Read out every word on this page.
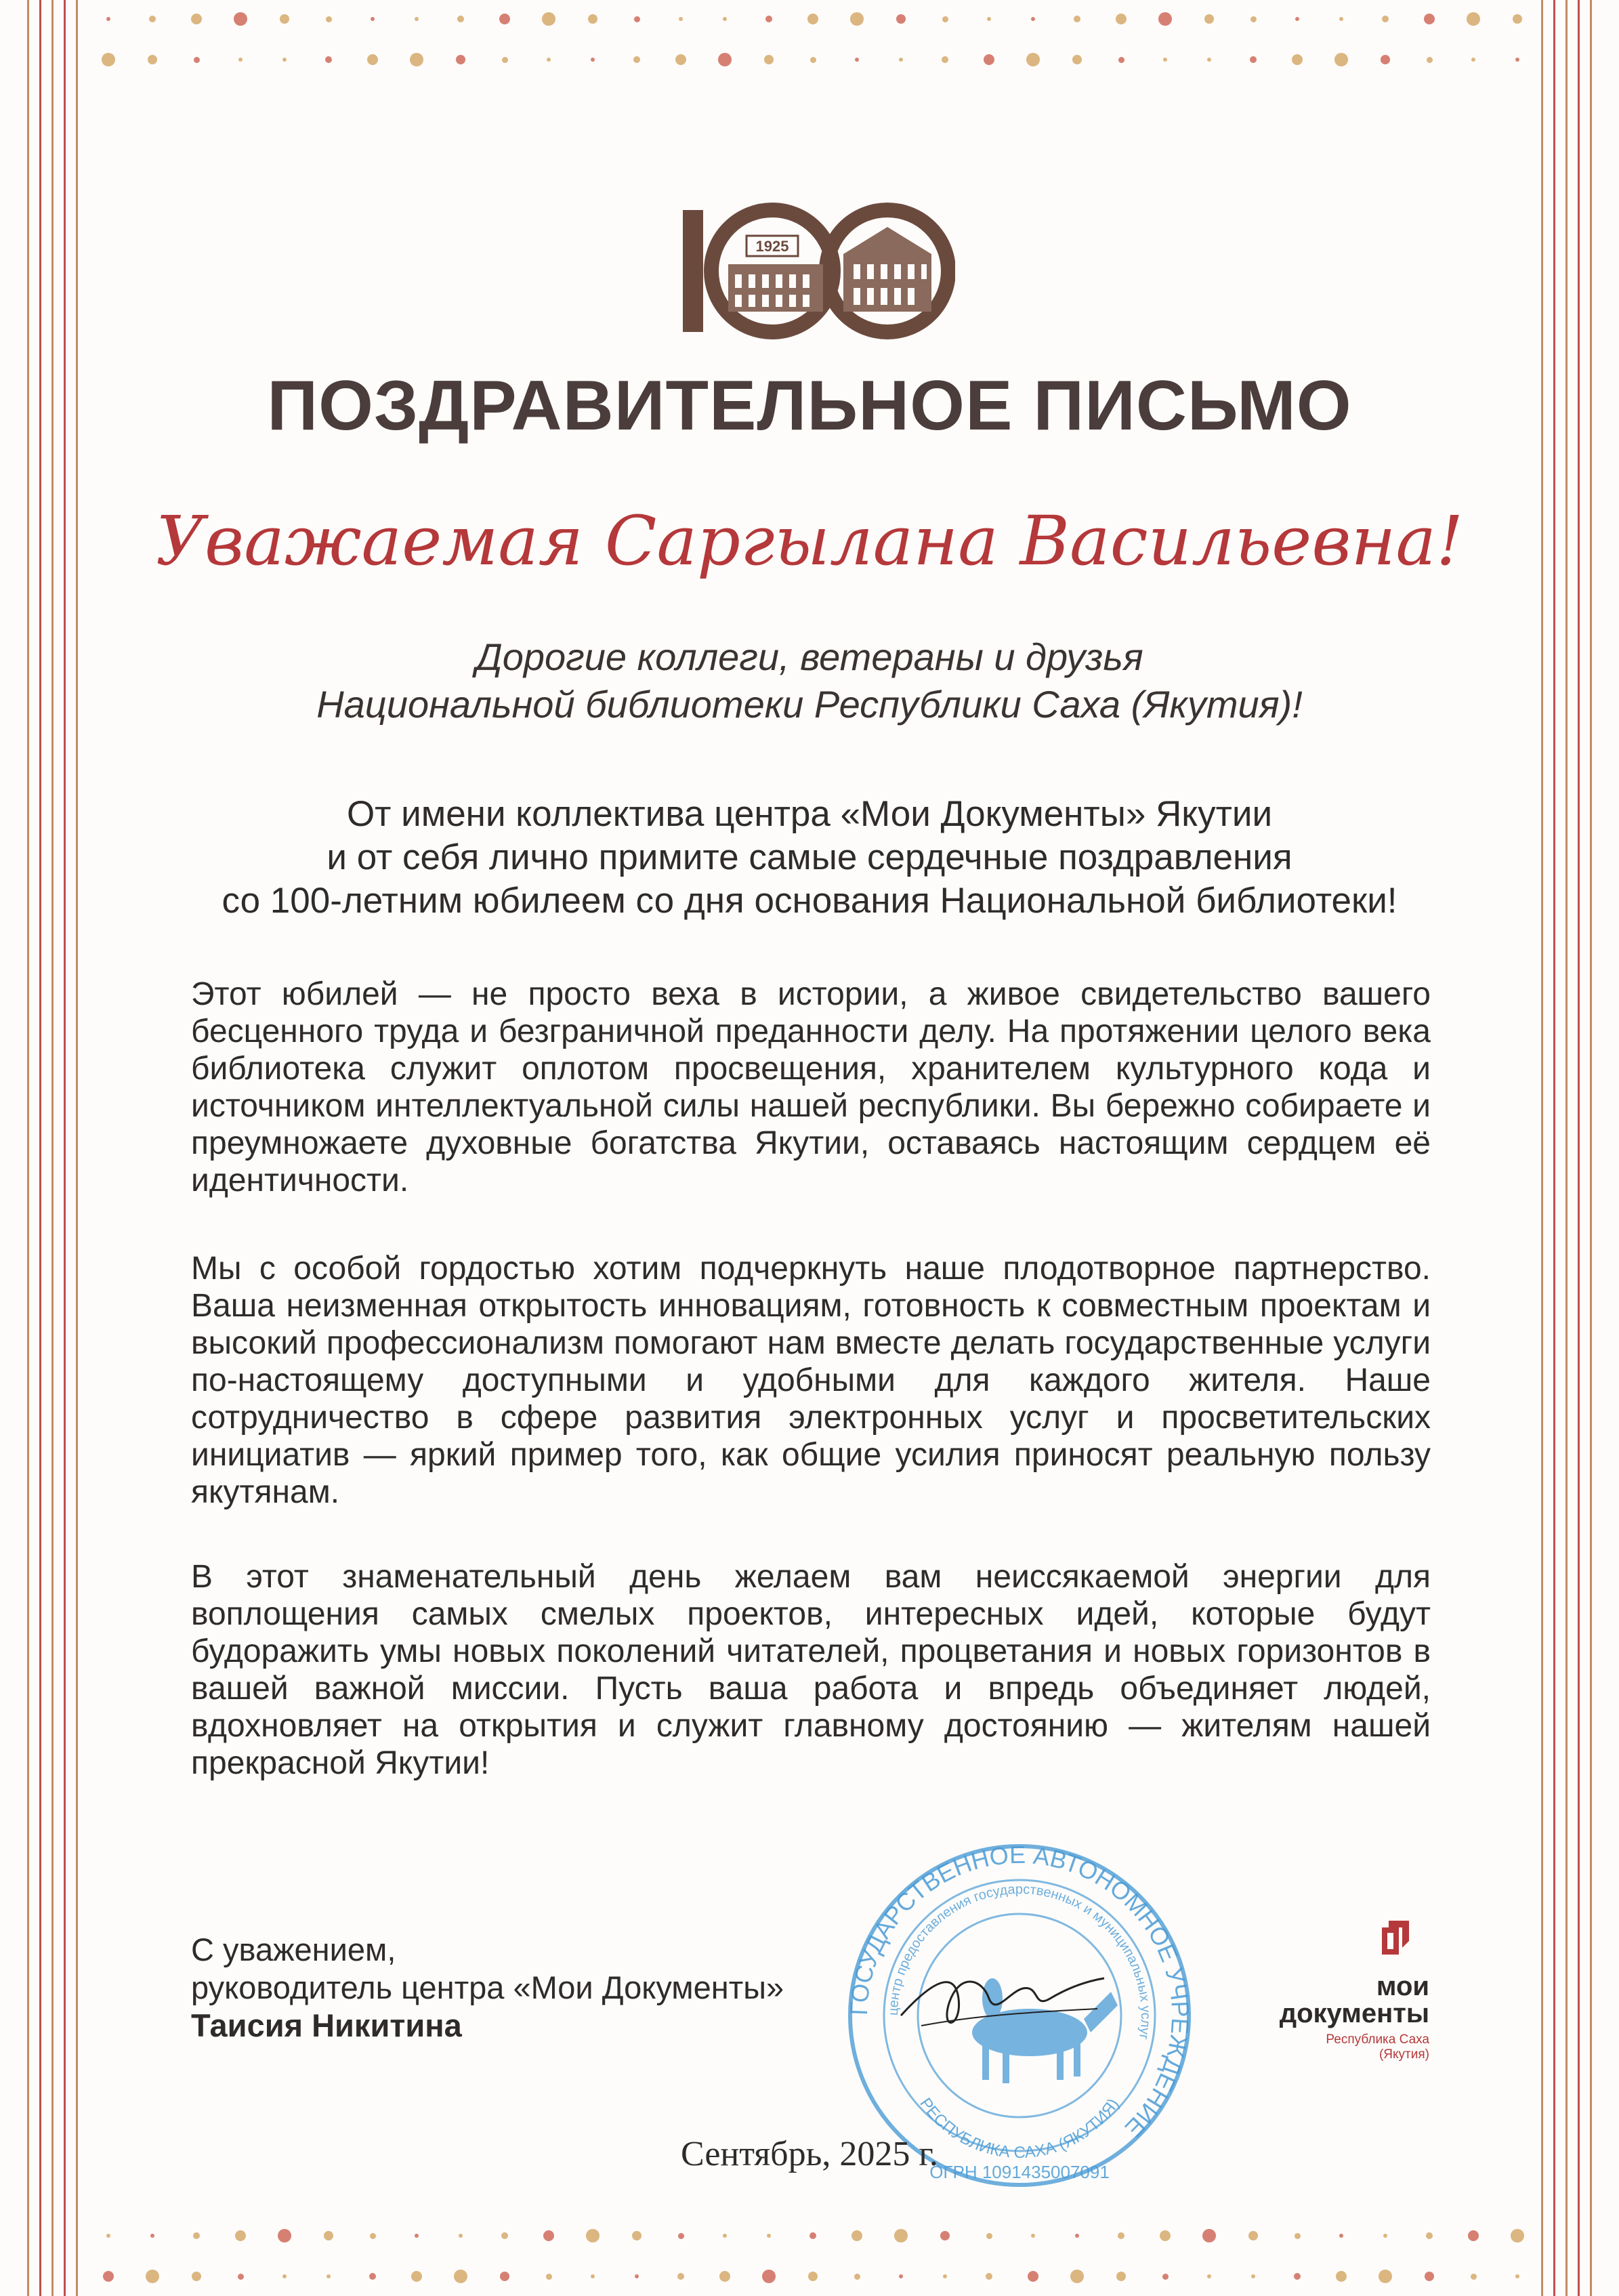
1925
ПОЗДРАВИТЕЛЬНОЕ ПИСЬМО
Уважаемая Саргылана Васильевна!
Дорогие коллеги, ветераны и друзья
Национальной библиотеки Республики Саха (Якутия)!
От имени коллектива центра «Мои Документы» Якутии
и от себя лично примите самые сердечные поздравления
со 100-летним юбилеем со дня основания Национальной библиотеки!
Этот юбилей — не просто веха в истории, а живое свидетельство вашего бесценного труда и безграничной преданности делу. На протяжении целого века библиотека служит оплотом просвещения, хранителем культурного кода и источником интеллектуальной силы нашей республики. Вы бережно собираете и преумножаете духовные богатства Якутии, оставаясь настоящим сердцем её идентичности.
Мы с особой гордостью хотим подчеркнуть наше плодотворное партнерство. Ваша неизменная открытость инновациям, готовность к совместным проектам и высокий профессионализм помогают нам вместе делать государственные услуги по-настоящему доступными и удобными для каждого жителя. Наше сотрудничество в сфере развития электронных услуг и просветительских инициатив — яркий пример того, как общие усилия приносят реальную пользу якутянам.
В этот знаменательный день желаем вам неиссякаемой энергии для воплощения самых смелых проектов, интересных идей, которые будут будоражить умы новых поколений читателей, процветания и новых горизонтов в вашей важной миссии. Пусть ваша работа и впредь объединяет людей, вдохновляет на открытия и служит главному достоянию — жителям нашей прекрасной Якутии!
С уважением,
руководитель центра «Мои Документы»
Таисия Никитина	ГОСУДАРСТВЕННОЕ АВТОНОМНОЕ УЧРЕЖДЕНИЕ
центр предоставления государственных и муниципальных услуг
РЕСПУБЛИКА САХА (ЯКУТИЯ)
ОГРН 1091435007091
Сентябрь, 2025 г.
мои
документы
Республика Саха
(Якутия)
